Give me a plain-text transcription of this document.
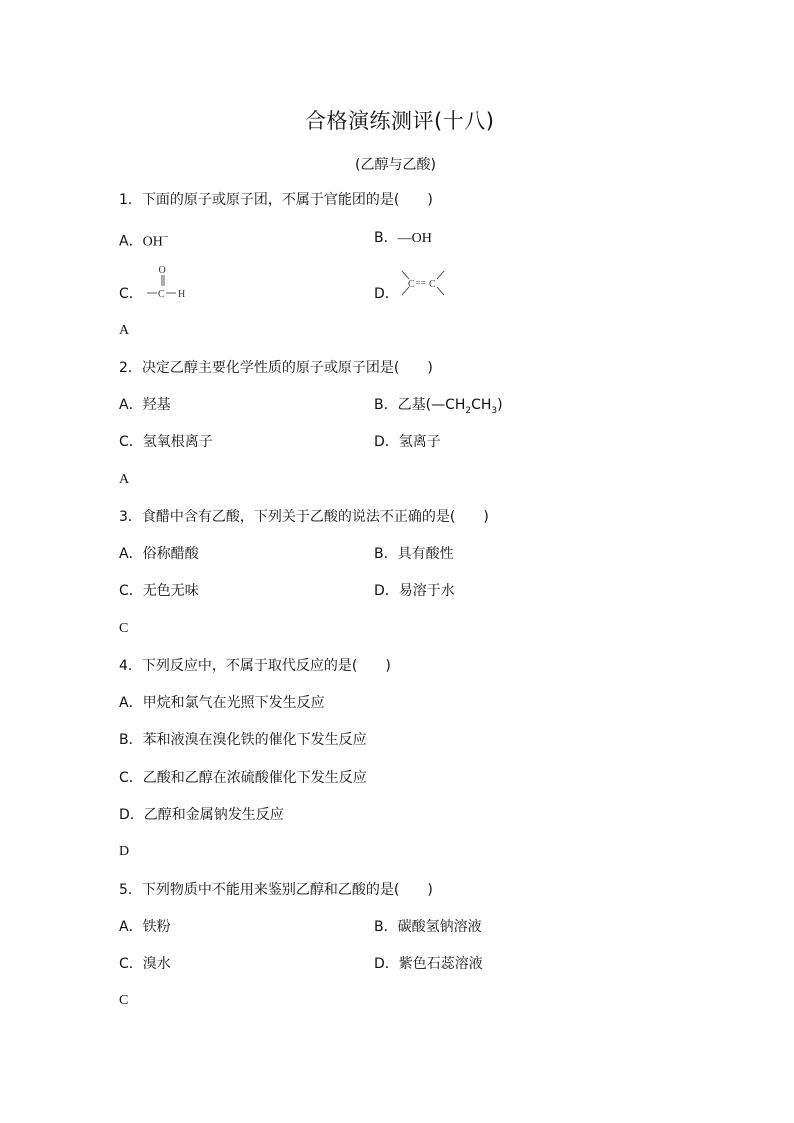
合格演练测评(十八)
(乙醇与乙酸)
1．下面的原子或原子团，不属于官能团的是(　　)
A．OH−	B．—OH
C．
O
C H	D．
C == C
A
2．决定乙醇主要化学性质的原子或原子团是(　　)
A．羟基	B．乙基$(—CH_2CH_3)$
C．氢氧根离子	D．氢离子
A
3．食醋中含有乙酸，下列关于乙酸的说法不正确的是(　　)
A．俗称醋酸	B．具有酸性
C．无色无味	D．易溶于水
C
4．下列反应中，不属于取代反应的是(　　)
A．甲烷和氯气在光照下发生反应
B．苯和液溴在溴化铁的催化下发生反应
C．乙酸和乙醇在浓硫酸催化下发生反应
D．乙醇和金属钠发生反应
D
5．下列物质中不能用来鉴别乙醇和乙酸的是(　　)
A．铁粉	B．碳酸氢钠溶液
C．溴水	D．紫色石蕊溶液
C
